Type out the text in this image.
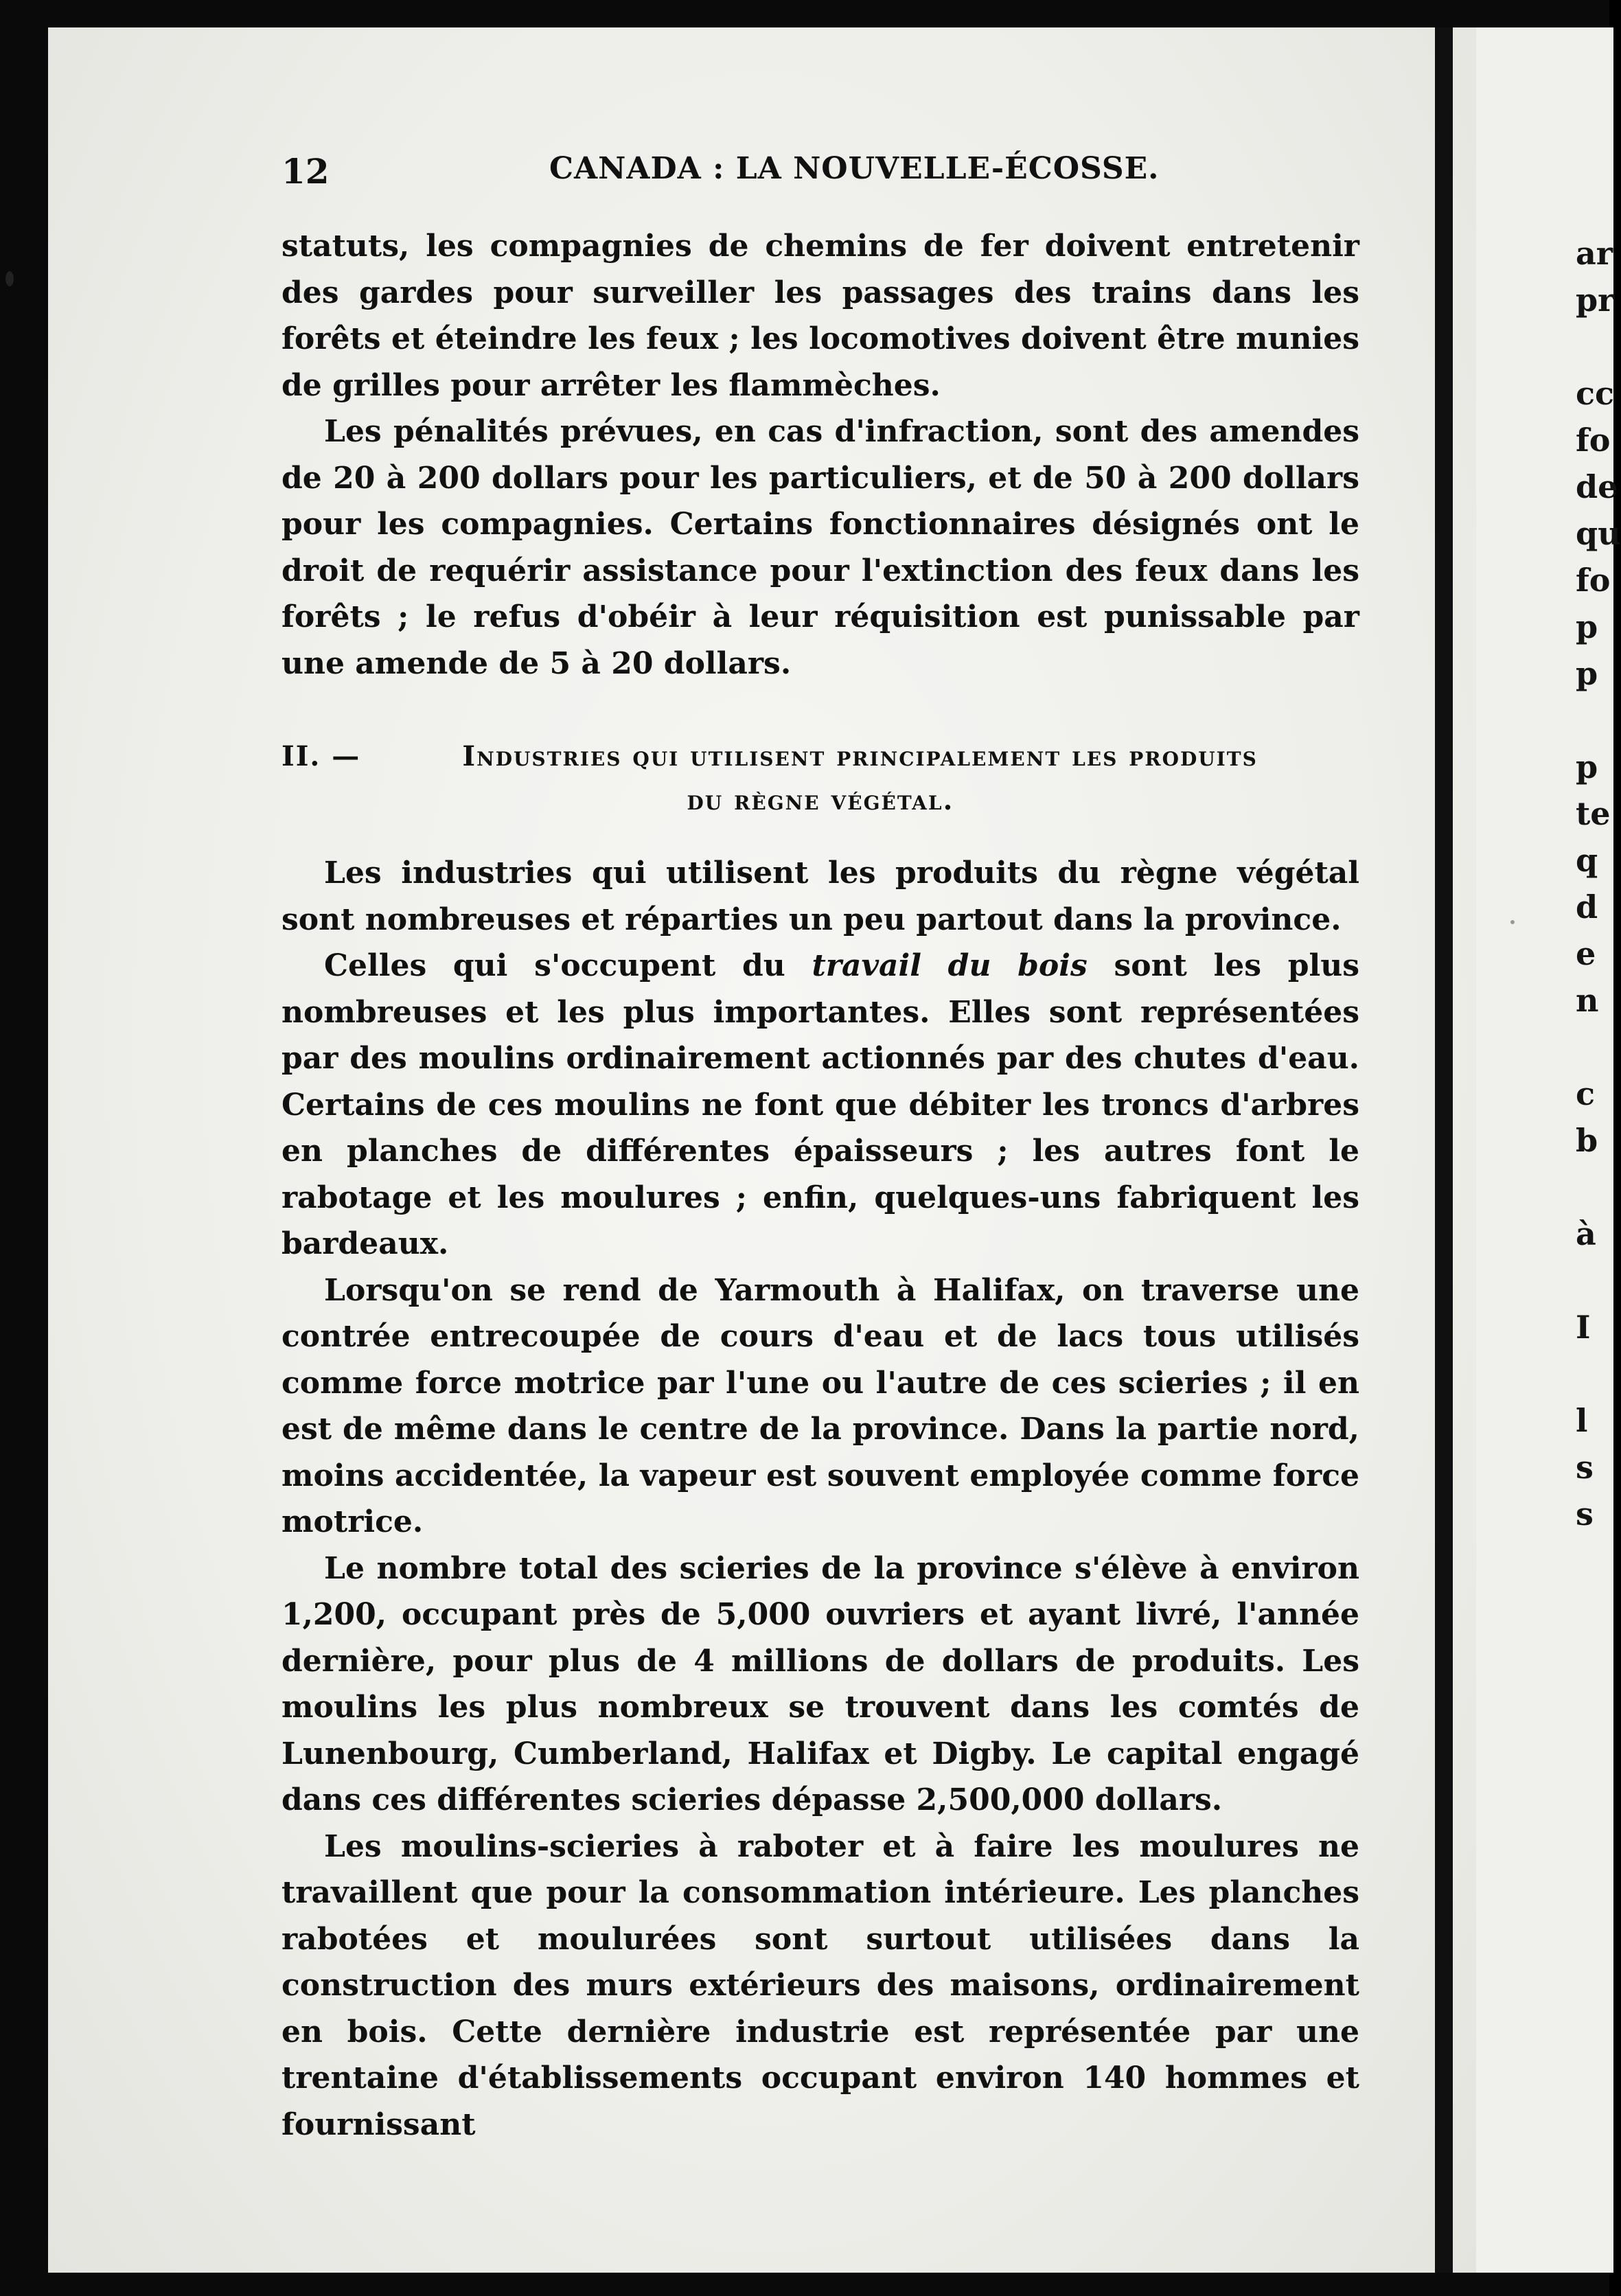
ar
pr
cc
fo
de
qu
fo
p
p
p
te
q
d
e
n
c
b
à
I
l
s
s
12	CANADA : LA NOUVELLE-ÉCOSSE.

statuts, les compagnies de chemins de fer doivent entretenir des gardes pour surveiller les passages des trains dans les forêts et éteindre les feux ; les locomotives doivent être munies de grilles pour arrêter les flammèches.

Les pénalités prévues, en cas d'infraction, sont des amendes de 20 à 200 dollars pour les particuliers, et de 50 à 200 dollars pour les compagnies. Certains fonctionnaires désignés ont le droit de requérir assistance pour l'extinction des feux dans les forêts ; le refus d'obéir à leur réquisition est punissable par une amende de 5 à 20 dollars.

II. —	Industries qui utilisent principalement les produits
du règne végétal.

Les industries qui utilisent les produits du règne végétal sont nombreuses et réparties un peu partout dans la province.

Celles qui s'occupent du travail du bois sont les plus nombreuses et les plus importantes. Elles sont représentées par des moulins ordinairement actionnés par des chutes d'eau. Certains de ces moulins ne font que débiter les troncs d'arbres en planches de différentes épaisseurs ; les autres font le rabotage et les moulures ; enfin, quelques-uns fabriquent les bardeaux.

Lorsqu'on se rend de Yarmouth à Halifax, on traverse une contrée entrecoupée de cours d'eau et de lacs tous utilisés comme force motrice par l'une ou l'autre de ces scieries ; il en est de même dans le centre de la province. Dans la partie nord, moins accidentée, la vapeur est souvent employée comme force motrice.

Le nombre total des scieries de la province s'élève à environ 1,200, occupant près de 5,000 ouvriers et ayant livré, l'année dernière, pour plus de 4 millions de dollars de produits. Les moulins les plus nombreux se trouvent dans les comtés de Lunenbourg, Cumberland, Halifax et Digby. Le capital engagé dans ces différentes scieries dépasse 2,500,000 dollars.

Les moulins-scieries à raboter et à faire les moulures ne travaillent que pour la consommation intérieure. Les planches rabotées et moulurées sont surtout utilisées dans la construction des murs extérieurs des maisons, ordinairement en bois. Cette dernière industrie est représentée par une trentaine d'établissements occupant environ 140 hommes et fournissant
